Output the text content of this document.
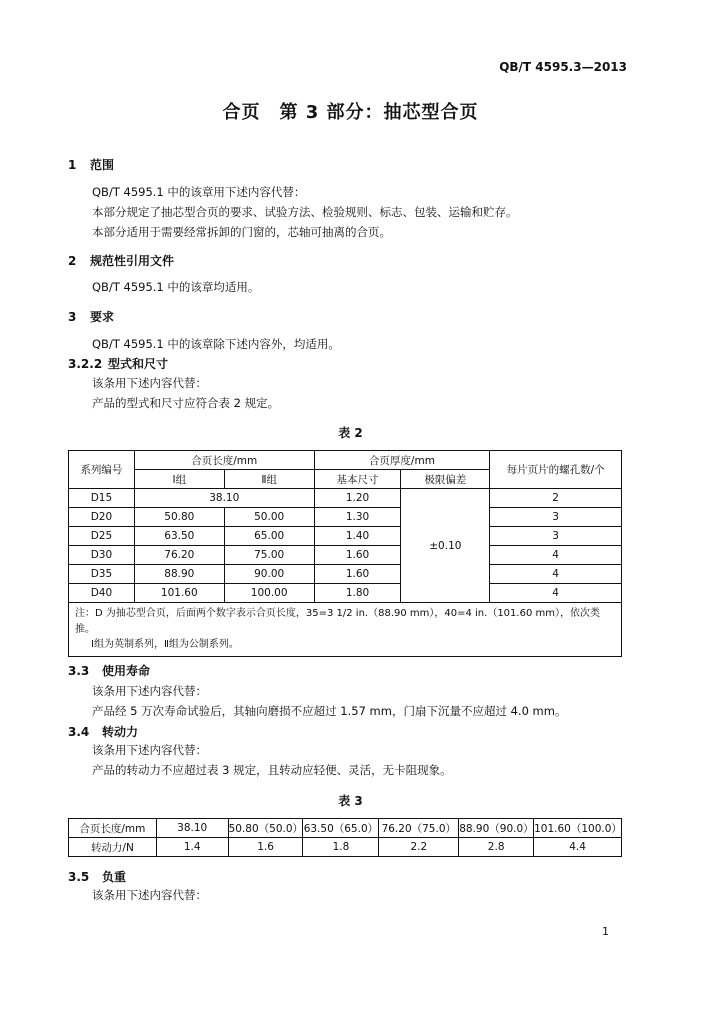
QB/T 4595.3—2013
合页　第 3 部分：抽芯型合页
1 范围
QB/T 4595.1 中的该章用下述内容代替：
本部分规定了抽芯型合页的要求、试验方法、检验规则、标志、包装、运输和贮存。
本部分适用于需要经常拆卸的门窗的，芯轴可抽离的合页。
2 规范性引用文件
QB/T 4595.1 中的该章均适用。
3 要求
QB/T 4595.1 中的该章除下述内容外，均适用。
3.2.2 型式和尺寸
该条用下述内容代替：
产品的型式和尺寸应符合表 2 规定。
表 2
系列编号	合页长度/mm		合页厚度/mm		每片页片的螺孔数/个
	Ⅰ组	Ⅱ组	基本尺寸	极限偏差	
D15	38.10		1.20	±0.10	2
D20	50.80	50.00	1.30		3
D25	63.50	65.00	1.40		3
D30	76.20	75.00	1.60		4
D35	88.90	90.00	1.60		4
D40	101.60	100.00	1.80		4

注：D 为抽芯型合页，后面两个数字表示合页长度，35=3 1/2 in.（88.90 mm），40=4 in.（101.60 mm），依次类推。
Ⅰ组为英制系列，Ⅱ组为公制系列。					
3.3 使用寿命
该条用下述内容代替：
产品经 5 万次寿命试验后，其轴向磨损不应超过 1.57 mm，门扇下沉量不应超过 4.0 mm。
3.4 转动力
该条用下述内容代替：
产品的转动力不应超过表 3 规定，且转动应轻便、灵活，无卡阻现象。
表 3
合页长度/mm	38.10	50.80（50.0）	63.50（65.0）	76.20（75.0）	88.90（90.0）	101.60（100.0）
转动力/N	1.4	1.6	1.8	2.2	2.8	4.4
3.5 负重
该条用下述内容代替：
1
